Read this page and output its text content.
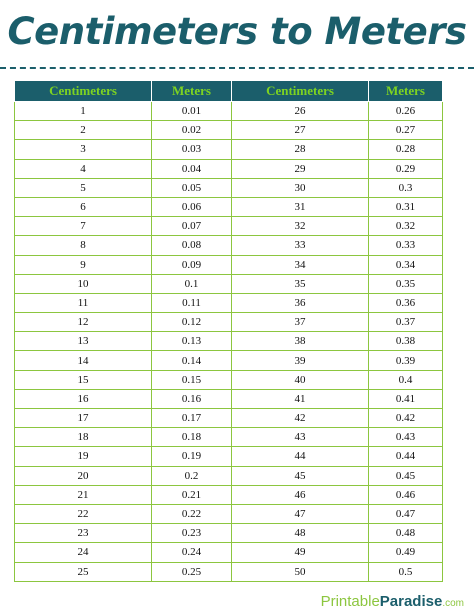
Centimeters to Meters
Centimeters	Meters	Centimeters	Meters
1	0.01	26	0.26
2	0.02	27	0.27
3	0.03	28	0.28
4	0.04	29	0.29
5	0.05	30	0.3
6	0.06	31	0.31
7	0.07	32	0.32
8	0.08	33	0.33
9	0.09	34	0.34
10	0.1	35	0.35
11	0.11	36	0.36
12	0.12	37	0.37
13	0.13	38	0.38
14	0.14	39	0.39
15	0.15	40	0.4
16	0.16	41	0.41
17	0.17	42	0.42
18	0.18	43	0.43
19	0.19	44	0.44
20	0.2	45	0.45
21	0.21	46	0.46
22	0.22	47	0.47
23	0.23	48	0.48
24	0.24	49	0.49
25	0.25	50	0.5
PrintableParadise.com
